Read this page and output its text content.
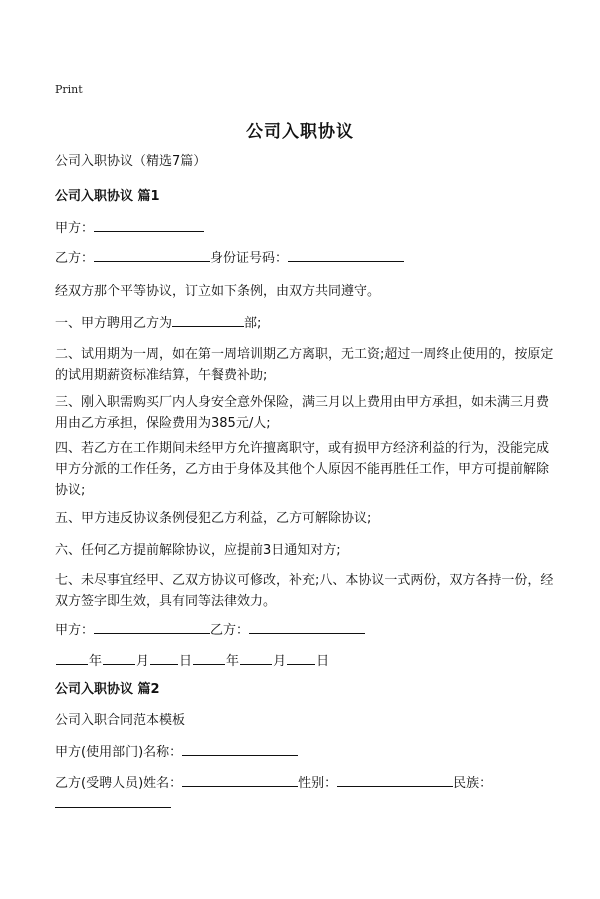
Print
公司入职协议
公司入职协议（精选7篇）
公司入职协议 篇1
甲方：
乙方：	身份证号码：
经双方那个平等协议，订立如下条例，由双方共同遵守。
一、甲方聘用乙方为	部;
二、试用期为一周，如在第一周培训期乙方离职，无工资;超过一周终止使用的，按原定的试用期薪资标准结算，午餐费补助;
三、刚入职需购买厂内人身安全意外保险，满三月以上费用由甲方承担，如未满三月费用由乙方承担，保险费用为385元/人;
四、若乙方在工作期间未经甲方允许擅离职守，或有损甲方经济利益的行为，没能完成甲方分派的工作任务，乙方由于身体及其他个人原因不能再胜任工作，甲方可提前解除协议;
五、甲方违反协议条例侵犯乙方利益，乙方可解除协议;
六、任何乙方提前解除协议，应提前3日通知对方;
七、未尽事宜经甲、乙双方协议可修改，补充;八、本协议一式两份，双方各持一份，经双方签字即生效，具有同等法律效力。
甲方：	乙方：
年	月 日	年	月 日
公司入职协议 篇2
公司入职合同范本模板
甲方(使用部门)名称：
乙方(受聘人员)姓名：	性别：	民族：
